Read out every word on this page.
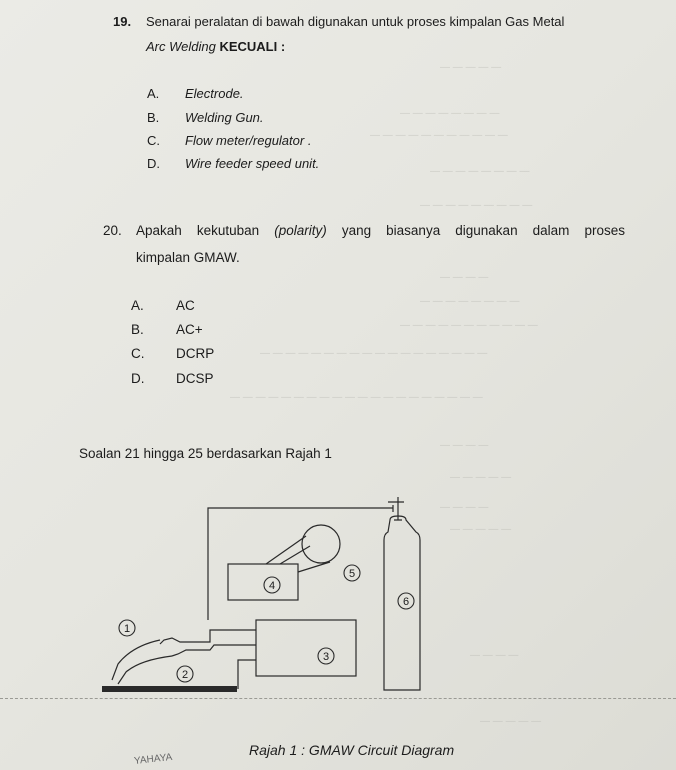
— — — — —
— — — — — — — —
— — — — — — — — — — —
— — — — — — — —
— — — — — — — — —
— — — —
— — — — — — — —
— — — — — — — — — — —
— — — — — — — — — — — — — — — — — —
— — — — — — — — — — — — — — — — — — — —
— — — —
— — — — —
— — — —
— — — — —
— — — —
— — — — —
19. Senarai peralatan di bawah digunakan untuk proses kimpalan Gas Metal
Arc Welding KECUALI :
A. Electrode.
B. Welding Gun.
C. Flow meter/regulator .
D. Wire feeder speed unit.
20. Apakah kekutuban (polarity) yang biasanya digunakan dalam proses
kimpalan GMAW.
A. AC
B. AC+
C. DCRP
D. DCSP
Soalan 21 hingga 25 berdasarkan Rajah 1
1
2
3
4
5
6
Rajah 1 : GMAW Circuit Diagram
YAHAYA
